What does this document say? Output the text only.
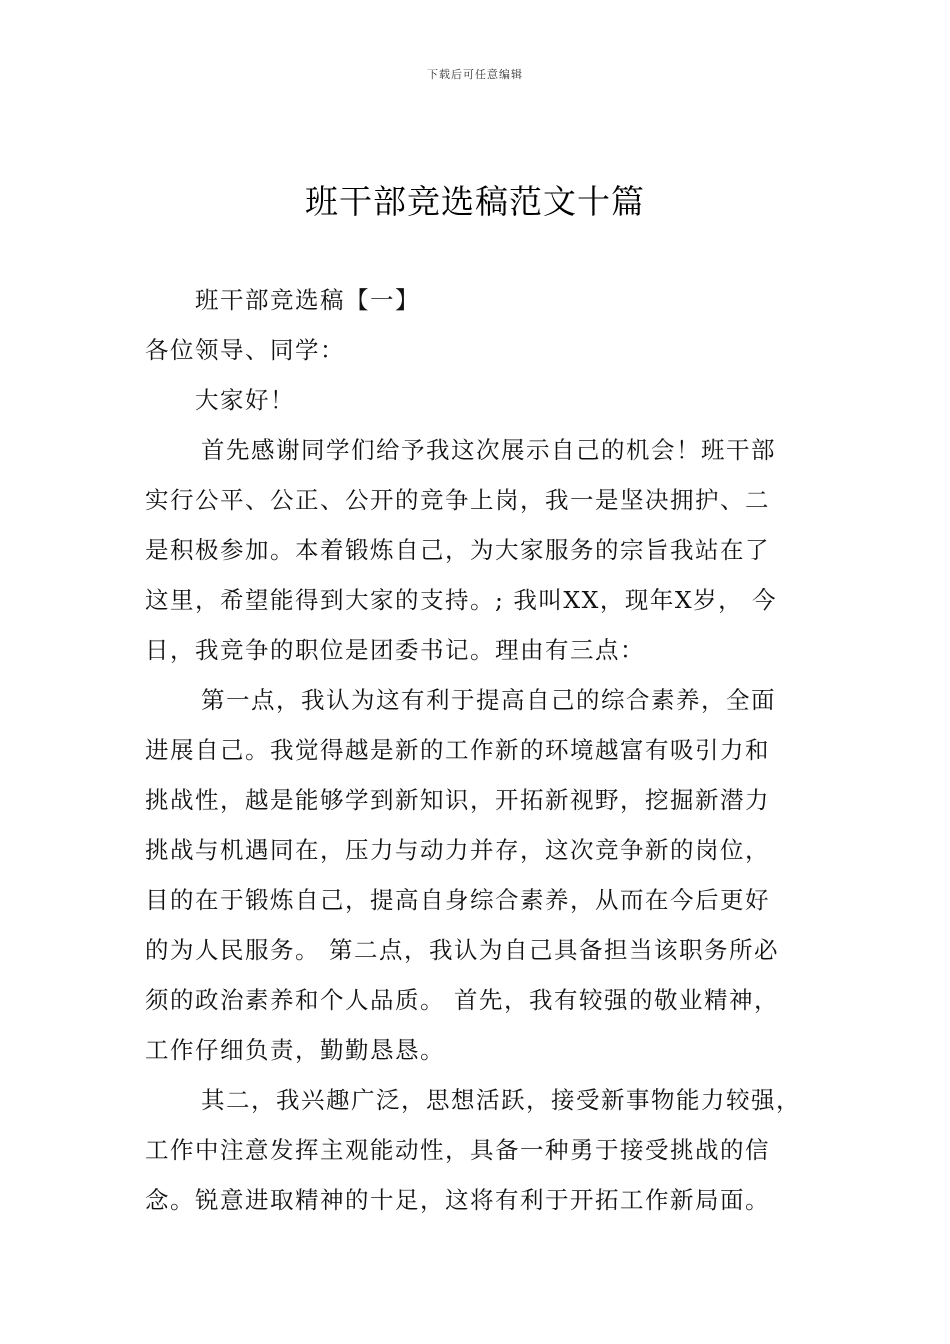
下载后可任意编辑
班干部竞选稿范文十篇
班干部竞选稿【一】
各位领导、同学：
大家好！
首先感谢同学们给予我这次展示自己的机会！班干部
实行公平、公正、公开的竞争上岗，我一是坚决拥护、二
是积极参加。本着锻炼自己，为大家服务的宗旨我站在了
这里，希望能得到大家的支持。; 我叫XX，现年X岁， 今
日，我竞争的职位是团委书记。理由有三点：
第一点，我认为这有利于提高自己的综合素养，全面
进展自己。我觉得越是新的工作新的环境越富有吸引力和
挑战性，越是能够学到新知识，开拓新视野，挖掘新潜力
挑战与机遇同在，压力与动力并存，这次竞争新的岗位，
目的在于锻炼自己，提高自身综合素养，从而在今后更好
的为人民服务。 第二点，我认为自己具备担当该职务所必
须的政治素养和个人品质。 首先，我有较强的敬业精神，
工作仔细负责，勤勤恳恳。
其二，我兴趣广泛，思想活跃，接受新事物能力较强，
工作中注意发挥主观能动性，具备一种勇于接受挑战的信
念。锐意进取精神的十足，这将有利于开拓工作新局面。
